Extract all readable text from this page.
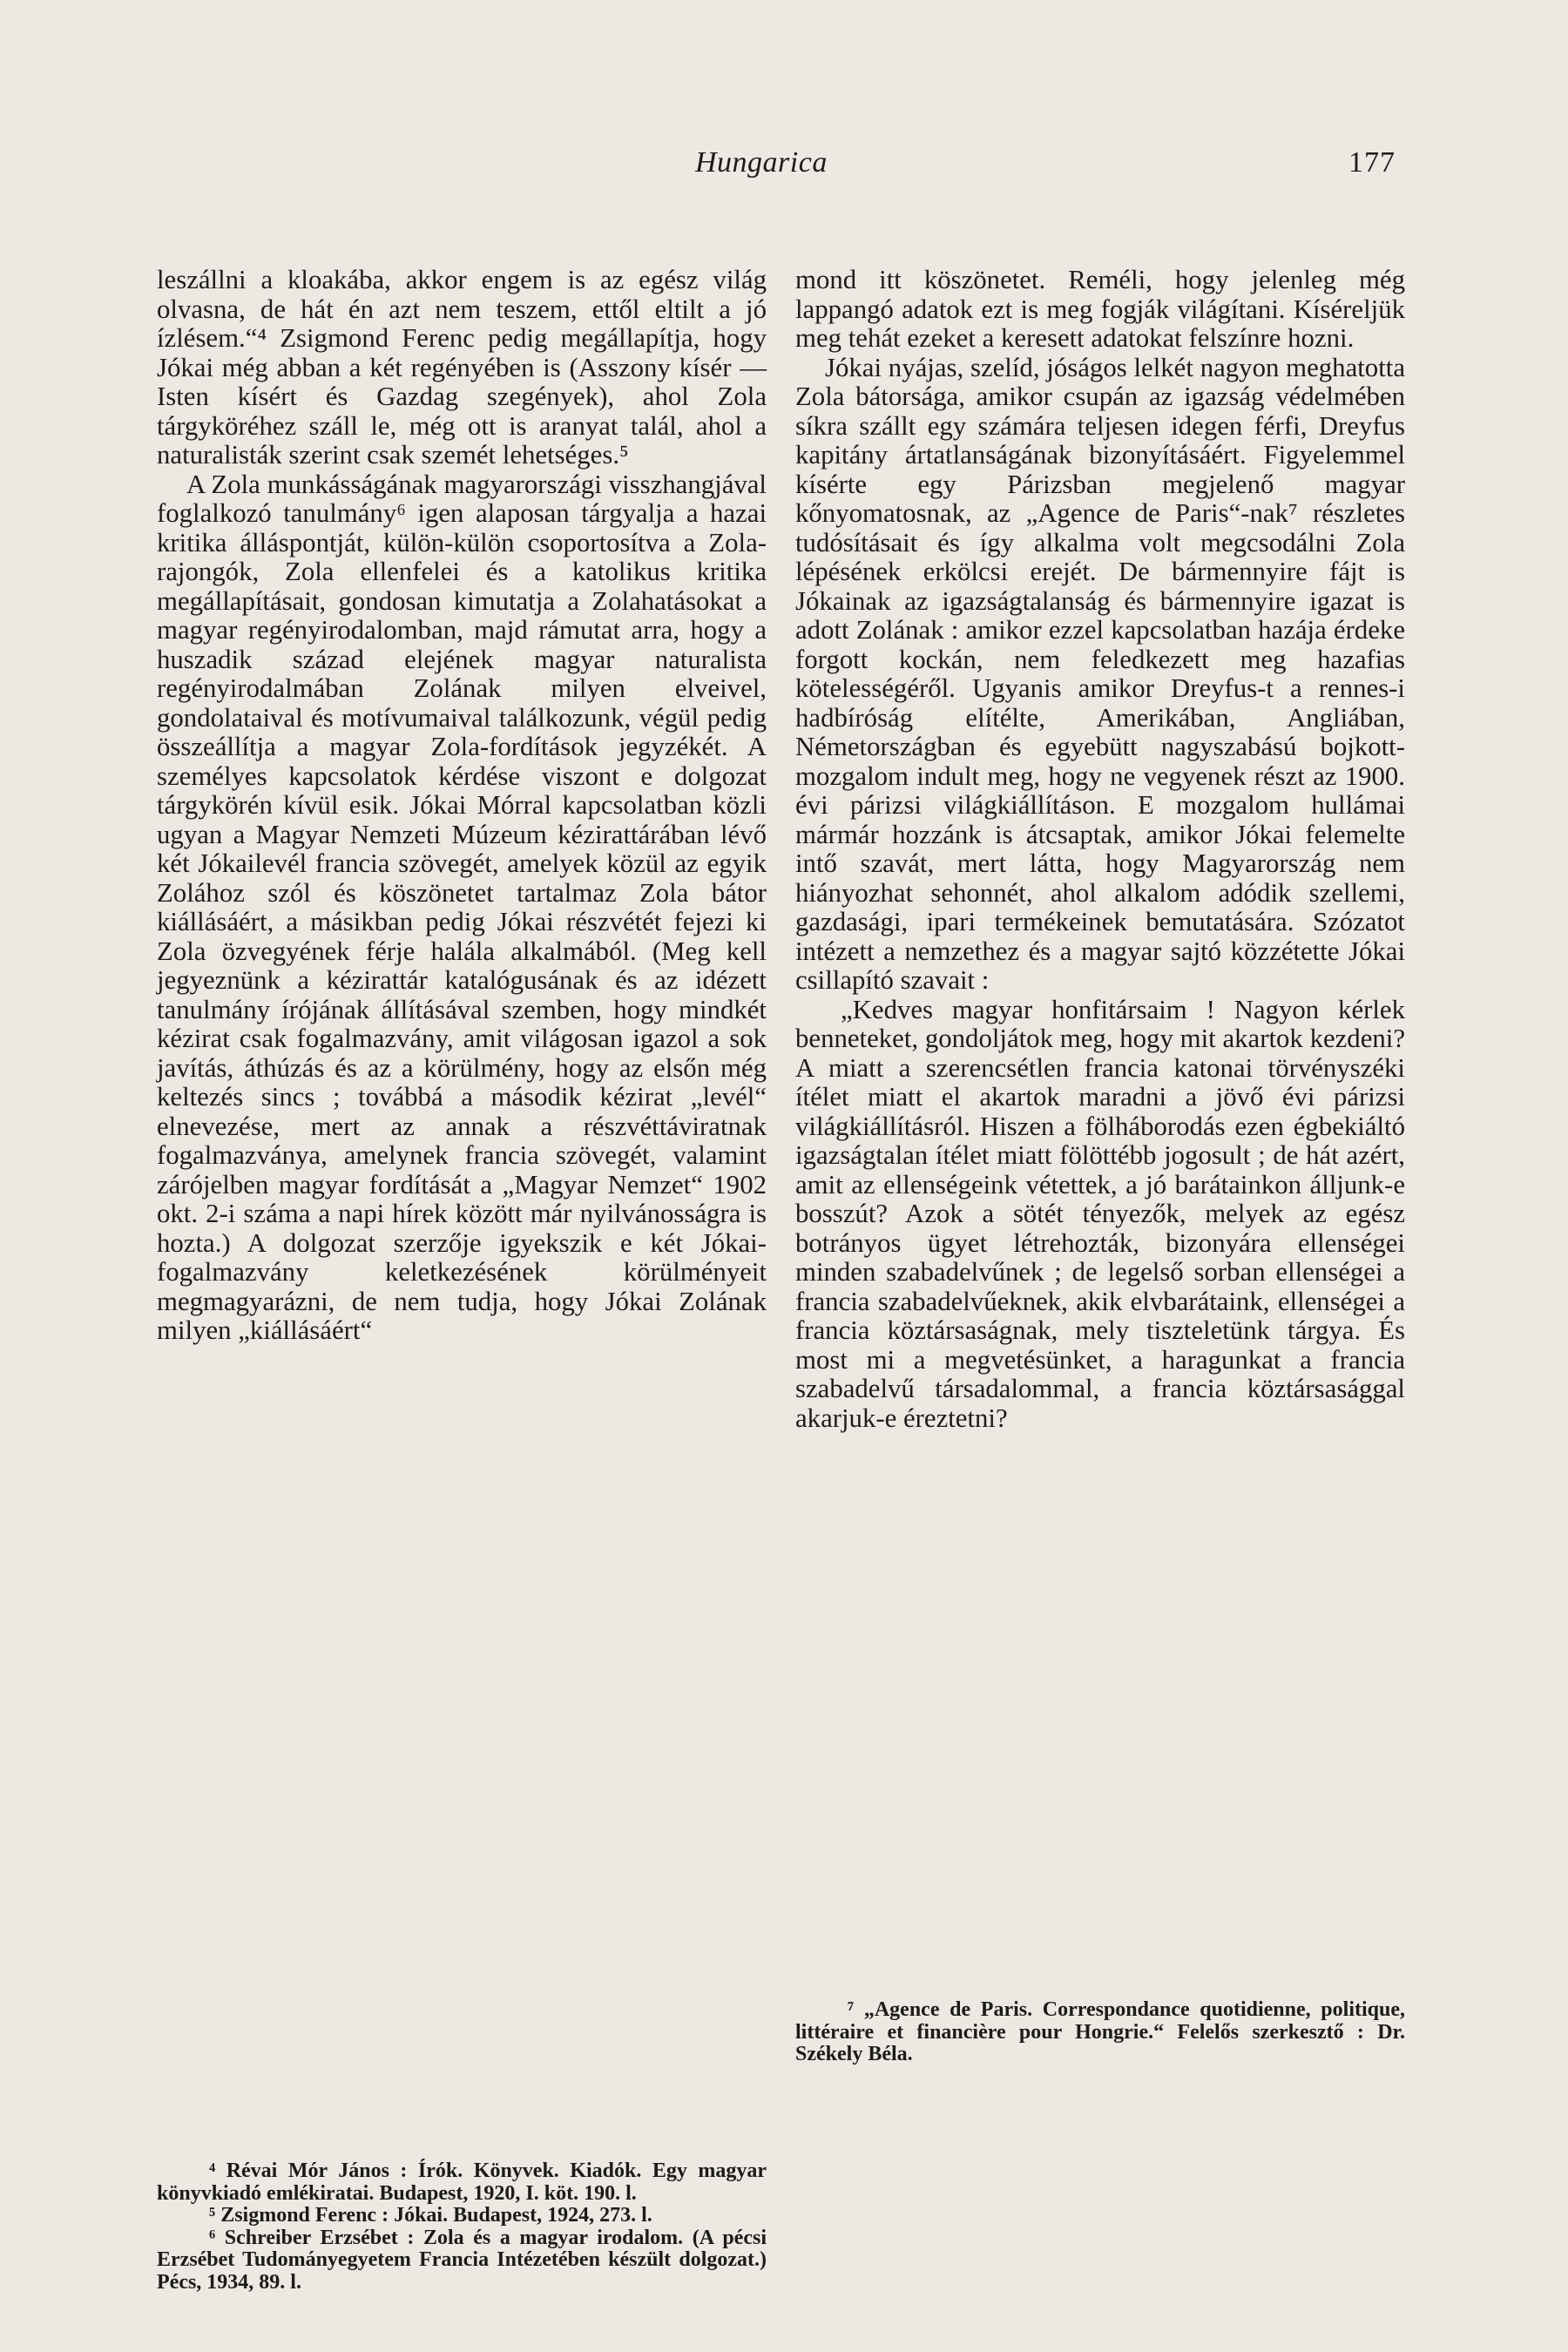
Hungarica	177

leszállni a kloakába, akkor engem is az egész világ olvasna, de hát én azt nem teszem, ettől eltilt a jó ízlésem.“⁴ Zsigmond Ferenc pedig megállapítja, hogy Jókai még abban a két regényében is (Asszony kísér — Isten kísért és Gazdag szegények), ahol Zola tárgyköréhez száll le, még ott is aranyat talál, ahol a naturalisták szerint csak szemét lehetséges.⁵

A Zola munkásságának magyarországi visszhangjával foglalkozó tanulmány⁶ igen alaposan tárgyalja a hazai kritika álláspontját, külön-külön csoportosítva a Zola-rajongók, Zola ellenfelei és a katolikus kritika megállapításait, gondosan kimutatja a Zolahatásokat a magyar regényirodalomban, majd rámutat arra, hogy a huszadik század elejének magyar naturalista regényirodalmában Zolának milyen elveivel, gondolataival és motívumaival találkozunk, végül pedig összeállítja a magyar Zola-fordítások jegyzékét. A személyes kapcsolatok kérdése viszont e dolgozat tárgykörén kívül esik. Jókai Mórral kapcsolatban közli ugyan a Magyar Nemzeti Múzeum kézirattárában lévő két Jókailevél francia szövegét, amelyek közül az egyik Zolához szól és köszönetet tartalmaz Zola bátor kiállásáért, a másikban pedig Jókai részvétét fejezi ki Zola özvegyének férje halála alkalmából. (Meg kell jegyeznünk a kézirattár katalógusának és az idézett tanulmány írójának állításával szemben, hogy mindkét kézirat csak fogalmazvány, amit világosan igazol a sok javítás, áthúzás és az a körülmény, hogy az elsőn még keltezés sincs ; továbbá a második kézirat „levél“ elnevezése, mert az annak a részvéttáviratnak fogalmazványa, amelynek francia szövegét, valamint zárójelben magyar fordítását a „Magyar Nemzet“ 1902 okt. 2-i száma a napi hírek között már nyilvánosságra is hozta.) A dolgozat szerzője igyekszik e két Jókai-fogalmazvány keletkezésének körülményeit megmagyarázni, de nem tudja, hogy Jókai Zolának milyen „kiállásáért“

⁴ Révai Mór János : Írók. Könyvek. Kiadók. Egy magyar könyvkiadó emlékiratai. Budapest, 1920, I. köt. 190. l.

⁵ Zsigmond Ferenc : Jókai. Budapest, 1924, 273. l.

⁶ Schreiber Erzsébet : Zola és a magyar irodalom. (A pécsi Erzsébet Tudományegyetem Francia Intézetében készült dolgozat.) Pécs, 1934, 89. l.

mond itt köszönetet. Reméli, hogy jelenleg még lappangó adatok ezt is meg fogják világítani. Kíséreljük meg tehát ezeket a keresett adatokat felszínre hozni.

Jókai nyájas, szelíd, jóságos lelkét nagyon meghatotta Zola bátorsága, amikor csupán az igazság védelmében síkra szállt egy számára teljesen idegen férfi, Dreyfus kapitány ártatlanságának bizonyításáért. Figyelemmel kísérte egy Párizsban megjelenő magyar kőnyomatosnak, az „Agence de Paris“-nak⁷ részletes tudósításait és így alkalma volt megcsodálni Zola lépésének erkölcsi erejét. De bármennyire fájt is Jókainak az igazságtalanság és bármennyire igazat is adott Zolának : amikor ezzel kapcsolatban hazája érdeke forgott kockán, nem feledkezett meg hazafias kötelességéről. Ugyanis amikor Dreyfus-t a rennes-i hadbíróság elítélte, Amerikában, Angliában, Németországban és egyebütt nagyszabású bojkott-mozgalom indult meg, hogy ne vegyenek részt az 1900. évi párizsi világkiállításon. E mozgalom hullámai mármár hozzánk is átcsaptak, amikor Jókai felemelte intő szavát, mert látta, hogy Magyarország nem hiányozhat sehonnét, ahol alkalom adódik szellemi, gazdasági, ipari termékeinek bemutatására. Szózatot intézett a nemzethez és a magyar sajtó közzétette Jókai csillapító szavait :

„Kedves magyar honfitársaim ! Nagyon kérlek benneteket, gondoljátok meg, hogy mit akartok kezdeni? A miatt a szerencsétlen francia katonai törvényszéki ítélet miatt el akartok maradni a jövő évi párizsi világkiállításról. Hiszen a fölháborodás ezen égbekiáltó igazságtalan ítélet miatt fölöttébb jogosult ; de hát azért, amit az ellenségeink vétettek, a jó barátainkon álljunk-e bosszút? Azok a sötét tényezők, melyek az egész botrányos ügyet létrehozták, bizonyára ellenségei minden szabadelvűnek ; de legelső sorban ellenségei a francia szabadelvűeknek, akik elvbarátaink, ellenségei a francia köztársaságnak, mely tiszteletünk tárgya. És most mi a megvetésünket, a haragunkat a francia szabadelvű társadalommal, a francia köztársasággal akarjuk-e éreztetni?

⁷ „Agence de Paris. Correspondance quotidienne, politique, littéraire et financière pour Hongrie.“ Felelős szerkesztő : Dr. Székely Béla.
